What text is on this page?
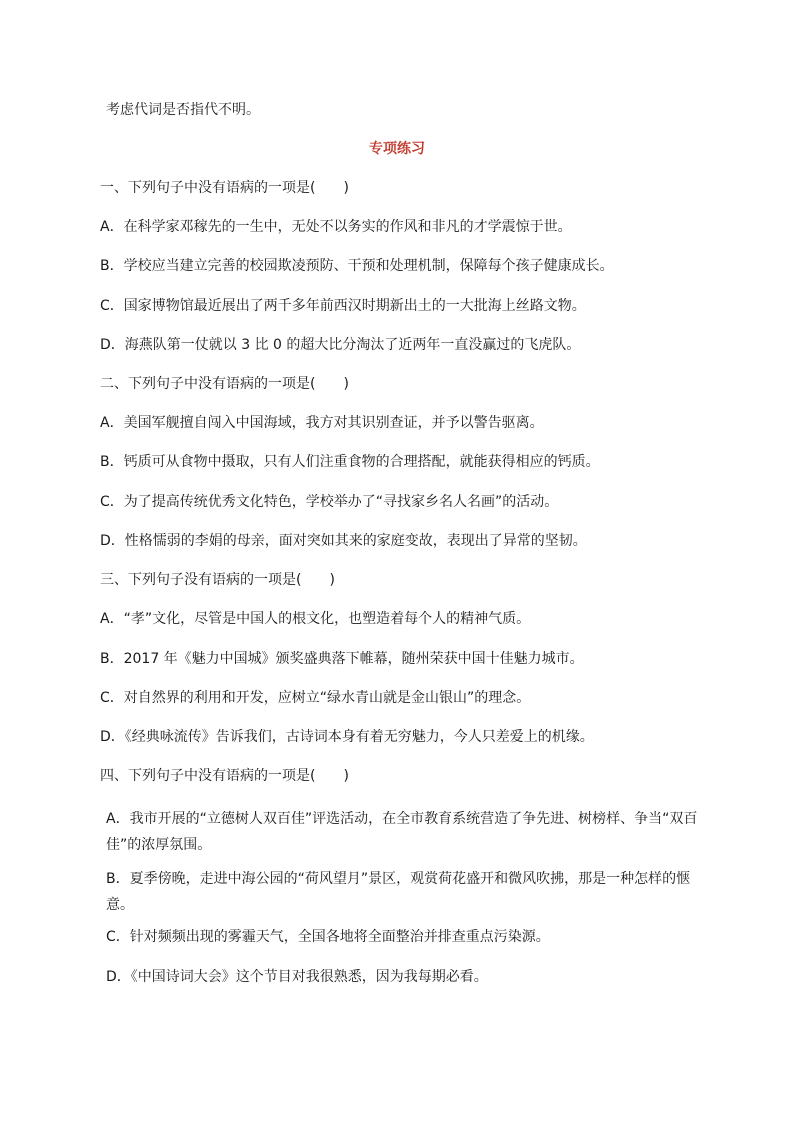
考虑代词是否指代不明。

专项练习

一、下列句子中没有语病的一项是(　　)

A．在科学家邓稼先的一生中，无处不以务实的作风和非凡的才学震惊于世。

B．学校应当建立完善的校园欺凌预防、干预和处理机制，保障每个孩子健康成长。

C．国家博物馆最近展出了两千多年前西汉时期新出土的一大批海上丝路文物。

D．海燕队第一仗就以 3 比 0 的超大比分淘汰了近两年一直没赢过的飞虎队。

二、下列句子中没有语病的一项是(　　)

A．美国军舰擅自闯入中国海域，我方对其识别查证，并予以警告驱离。

B．钙质可从食物中摄取，只有人们注重食物的合理搭配，就能获得相应的钙质。

C．为了提高传统优秀文化特色，学校举办了“寻找家乡名人名画”的活动。

D．性格懦弱的李娟的母亲，面对突如其来的家庭变故，表现出了异常的坚韧。

三、下列句子没有语病的一项是(　　)

A．“孝”文化，尽管是中国人的根文化，也塑造着每个人的精神气质。

B．2017 年《魅力中国城》颁奖盛典落下帷幕，随州荣获中国十佳魅力城市。

C．对自然界的利用和开发，应树立“绿水青山就是金山银山”的理念。

D．《经典咏流传》告诉我们，古诗词本身有着无穷魅力，今人只差爱上的机缘。

四、下列句子中没有语病的一项是(　　)

A．我市开展的“立德树人双百佳”评选活动，在全市教育系统营造了争先进、树榜样、争当“双百佳”的浓厚氛围。

B．夏季傍晚，走进中海公园的“荷风望月”景区，观赏荷花盛开和微风吹拂，那是一种怎样的惬意。

C．针对频频出现的雾霾天气，全国各地将全面整治并排查重点污染源。

D．《中国诗词大会》这个节目对我很熟悉，因为我每期必看。
